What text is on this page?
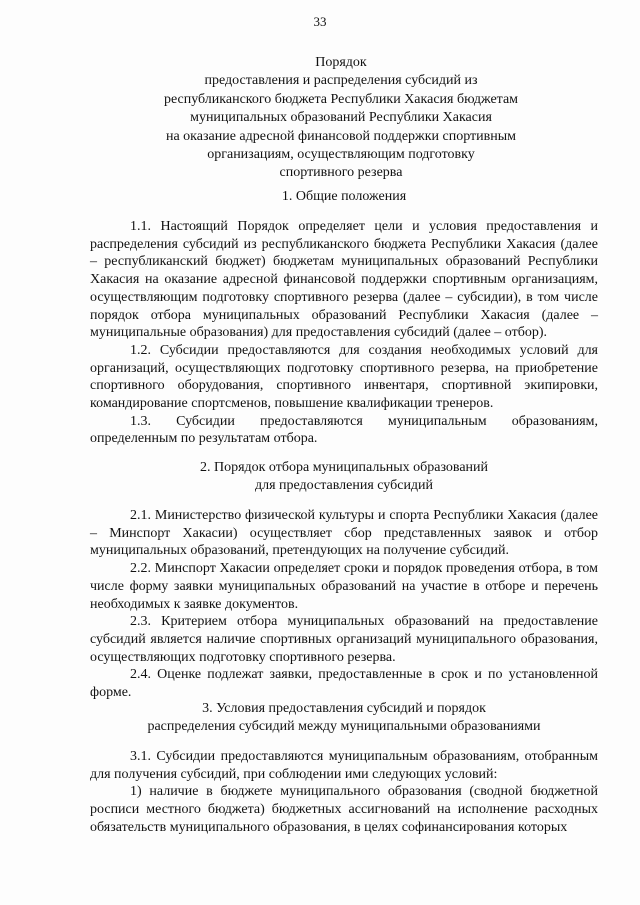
33
Порядок
предоставления и распределения субсидий из
республиканского бюджета Республики Хакасия бюджетам
муниципальных образований Республики Хакасия
на оказание адресной финансовой поддержки спортивным
организациям, осуществляющим подготовку
спортивного резерва
1. Общие положения

1.1. Настоящий Порядок определяет цели и условия предоставления и распределения субсидий из республиканского бюджета Республики Хакасия (далее – республиканский бюджет) бюджетам муниципальных образований Республики Хакасия на оказание адресной финансовой поддержки спортивным организациям, осуществляющим подготовку спортивного резерва (далее – субсидии), в том числе порядок отбора муниципальных образований Республики Хакасия (далее – муниципальные образования) для предоставления субсидий (далее – отбор).

1.2. Субсидии предоставляются для создания необходимых условий для организаций, осуществляющих подготовку спортивного резерва, на приобретение спортивного оборудования, спортивного инвентаря, спортивной экипировки, командирование спортсменов, повышение квалификации тренеров.

1.3. Субсидии предоставляются муниципальным образованиям, определенным по результатам отбора.

2. Порядок отбора муниципальных образований
для предоставления субсидий

2.1. Министерство физической культуры и спорта Республики Хакасия (далее – Минспорт Хакасии) осуществляет сбор представленных заявок и отбор муниципальных образований, претендующих на получение субсидий.

2.2. Минспорт Хакасии определяет сроки и порядок проведения отбора, в том числе форму заявки муниципальных образований на участие в отборе и перечень необходимых к заявке документов.

2.3. Критерием отбора муниципальных образований на предоставление субсидий является наличие спортивных организаций муниципального образования, осуществляющих подготовку спортивного резерва.

2.4. Оценке подлежат заявки, предоставленные в срок и по установленной форме.

3. Условия предоставления субсидий и порядок
распределения субсидий между муниципальными образованиями

3.1. Субсидии предоставляются муниципальным образованиям, отобранным для получения субсидий, при соблюдении ими следующих условий:

1) наличие в бюджете муниципального образования (сводной бюджетной росписи местного бюджета) бюджетных ассигнований на исполнение расходных обязательств муниципального образования, в целях софинансирования которых
